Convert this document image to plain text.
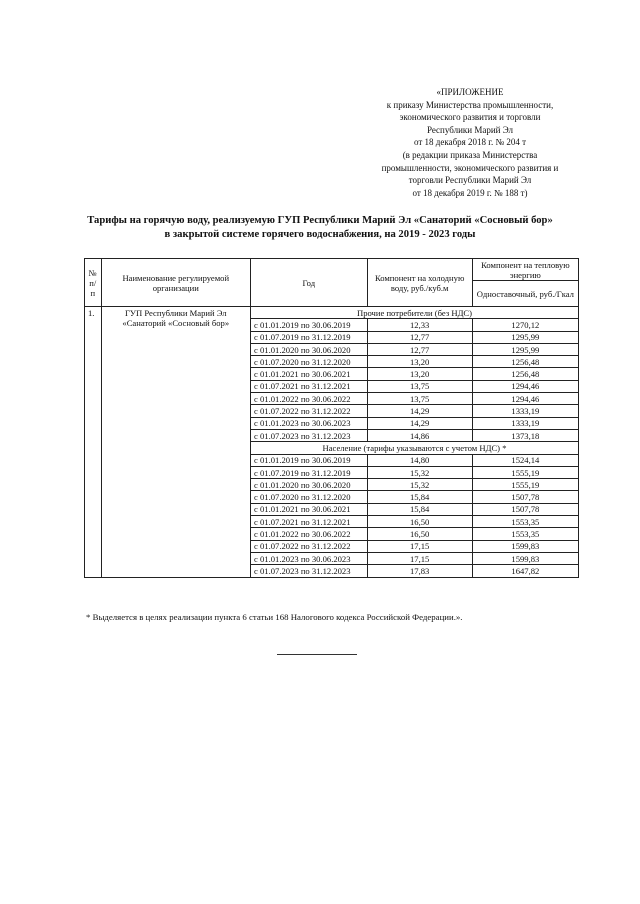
«ПРИЛОЖЕНИЕ
к приказу Министерства промышленности,
экономического развития и торговли
Республики Марий Эл
от 18 декабря 2018 г. № 204 т
(в редакции приказа Министерства
промышленности, экономического развития и
торговли Республики Марий Эл
от 18 декабря 2019 г. № 188 т)
Тарифы на горячую воду, реализуемую ГУП Республики Марий Эл «Санаторий «Сосновый бор»
в закрытой системе горячего водоснабжения, на 2019 - 2023 годы
№ п/п	Наименование регулируемой организации	Год	Компонент на холодную воду, руб./куб.м	Компонент на тепловую энергию
				Одноставочный, руб./Гкал
1.	ГУП Республики Марий Эл «Санаторий «Сосновый бор»	Прочие потребители (без НДС)		
		с 01.01.2019 по 30.06.2019	12,33	1270,12
		с 01.07.2019 по 31.12.2019	12,77	1295,99
		с 01.01.2020 по 30.06.2020	12,77	1295,99
		с 01.07.2020 по 31.12.2020	13,20	1256,48
		с 01.01.2021 по 30.06.2021	13,20	1256,48
		с 01.07.2021 по 31.12.2021	13,75	1294,46
		с 01.01.2022 по 30.06.2022	13,75	1294,46
		с 01.07.2022 по 31.12.2022	14,29	1333,19
		с 01.01.2023 по 30.06.2023	14,29	1333,19
		с 01.07.2023 по 31.12.2023	14,86	1373,18
		Население (тарифы указываются с учетом НДС) *		
		с 01.01.2019 по 30.06.2019	14,80	1524,14
		с 01.07.2019 по 31.12.2019	15,32	1555,19
		с 01.01.2020 по 30.06.2020	15,32	1555,19
		с 01.07.2020 по 31.12.2020	15,84	1507,78
		с 01.01.2021 по 30.06.2021	15,84	1507,78
		с 01.07.2021 по 31.12.2021	16,50	1553,35
		с 01.01.2022 по 30.06.2022	16,50	1553,35
		с 01.07.2022 по 31.12.2022	17,15	1599,83
		с 01.01.2023 по 30.06.2023	17,15	1599,83
		с 01.07.2023 по 31.12.2023	17,83	1647,82
* Выделяется в целях реализации пункта 6 статьи 168 Налогового кодекса Российской Федерации.».
